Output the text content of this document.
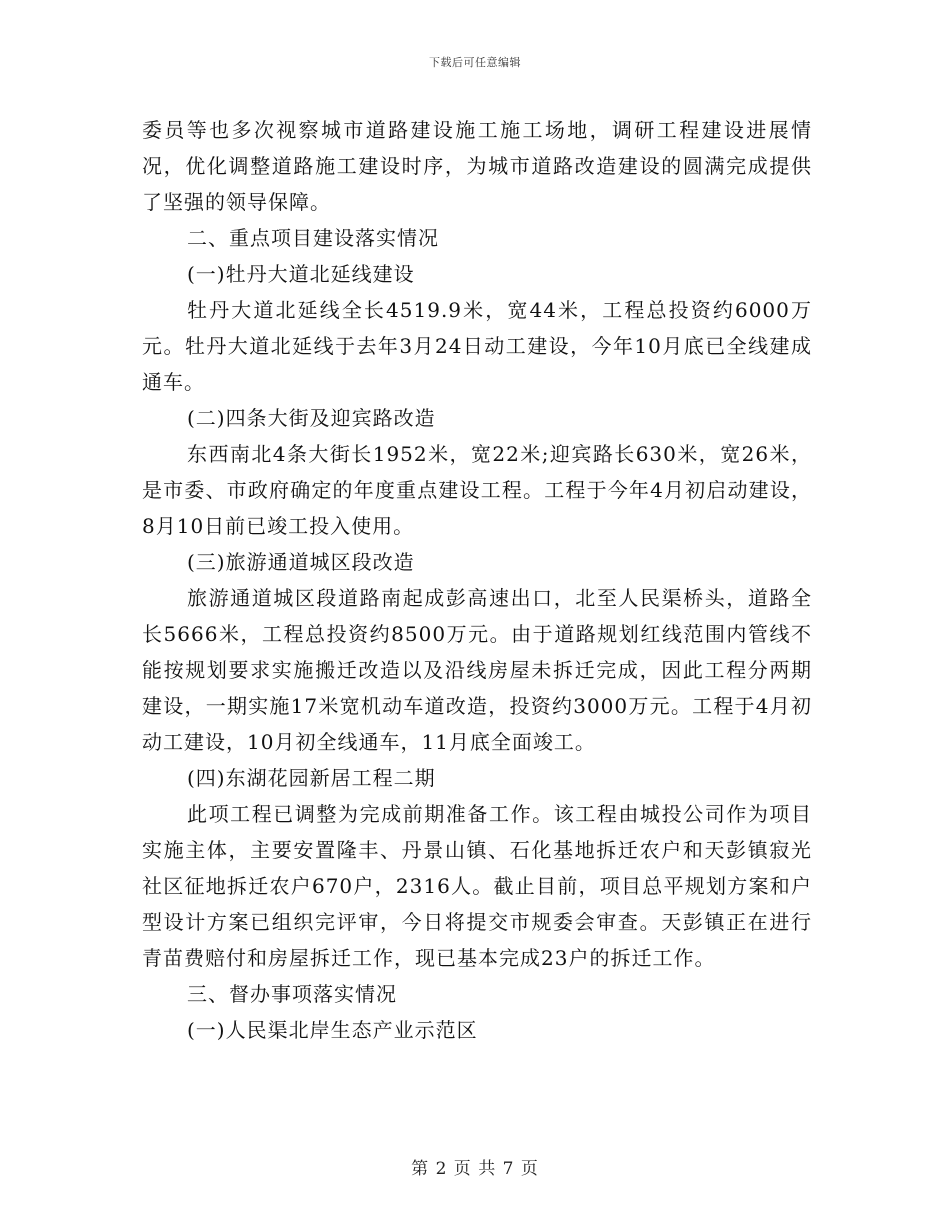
下载后可任意编辑

委员等也多次视察城市道路建设施工施工场地，调研工程建设进展情况，优化调整道路施工建设时序，为城市道路改造建设的圆满完成提供了坚强的领导保障。

二、重点项目建设落实情况

(一)牡丹大道北延线建设

牡丹大道北延线全长4519.9米，宽44米，工程总投资约6000万元。牡丹大道北延线于去年3月24日动工建设，今年10月底已全线建成通车。

(二)四条大街及迎宾路改造

东西南北4条大街长1952米，宽22米;迎宾路长630米，宽26米，是市委、市政府确定的年度重点建设工程。工程于今年4月初启动建设，8月10日前已竣工投入使用。

(三)旅游通道城区段改造

旅游通道城区段道路南起成彭高速出口，北至人民渠桥头，道路全长5666米，工程总投资约8500万元。由于道路规划红线范围内管线不能按规划要求实施搬迁改造以及沿线房屋未拆迁完成，因此工程分两期建设，一期实施17米宽机动车道改造，投资约3000万元。工程于4月初动工建设，10月初全线通车，11月底全面竣工。

(四)东湖花园新居工程二期

此项工程已调整为完成前期准备工作。该工程由城投公司作为项目实施主体，主要安置隆丰、丹景山镇、石化基地拆迁农户和天彭镇寂光社区征地拆迁农户670户，2316人。截止目前，项目总平规划方案和户型设计方案已组织完评审，今日将提交市规委会审查。天彭镇正在进行青苗费赔付和房屋拆迁工作，现已基本完成23户的拆迁工作。

三、督办事项落实情况

(一)人民渠北岸生态产业示范区

第 2 页 共 7 页
